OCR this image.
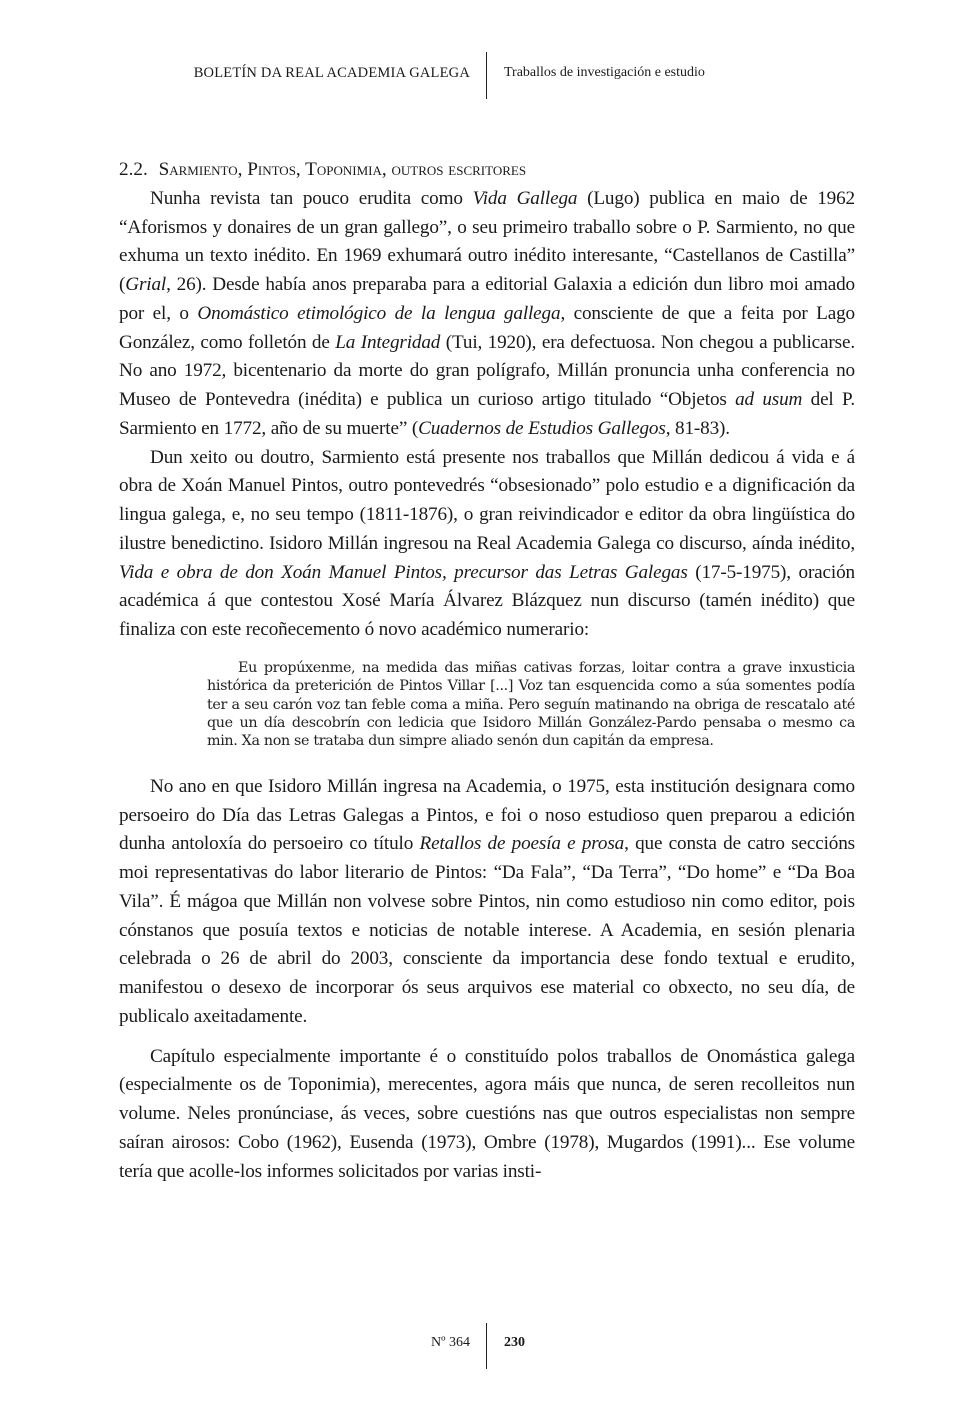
BOLETÍN DA REAL ACADEMIA GALEGA Traballos de investigación e estudio
2.2. Sarmiento, Pintos, Toponimia, outros escritores

Nunha revista tan pouco erudita como Vida Gallega (Lugo) publica en maio de 1962 “Aforismos y donaires de un gran gallego”, o seu primeiro traballo sobre o P. Sarmiento, no que exhuma un texto inédito. En 1969 exhumará outro inédito interesante, “Castellanos de Castilla” (Grial, 26). Desde había anos preparaba para a editorial Galaxia a edición dun libro moi amado por el, o Onomástico etimológico de la lengua gallega, consciente de que a feita por Lago González, como folletón de La Integridad (Tui, 1920), era defectuosa. Non chegou a publicarse. No ano 1972, bicentenario da morte do gran polígrafo, Millán pronuncia unha conferencia no Museo de Pontevedra (inédita) e publica un curioso artigo titulado “Objetos ad usum del P. Sarmiento en 1772, año de su muerte” (Cuadernos de Estudios Gallegos, 81-83).

Dun xeito ou doutro, Sarmiento está presente nos traballos que Millán dedicou á vida e á obra de Xoán Manuel Pintos, outro pontevedrés “obsesionado” polo estudio e a dignificación da lingua galega, e, no seu tempo (1811-1876), o gran reivindicador e editor da obra lingüística do ilustre benedictino. Isidoro Millán ingresou na Real Academia Galega co discurso, aínda inédito, Vida e obra de don Xoán Manuel Pintos, precursor das Letras Galegas (17-5-1975), oración académica á que contestou Xosé María Álvarez Blázquez nun discurso (tamén inédito) que finaliza con este recoñecemento ó novo académico numerario:

Eu propúxenme, na medida das miñas cativas forzas, loitar contra a grave inxusticia histórica da preterición de Pintos Villar [...] Voz tan esquencida como a súa somentes podía ter a seu carón voz tan feble coma a miña. Pero seguín matinando na obriga de rescatalo até que un día descobrín con ledicia que Isidoro Millán González-Pardo pensaba o mesmo ca min. Xa non se trataba dun simpre aliado senón dun capitán da empresa.

No ano en que Isidoro Millán ingresa na Academia, o 1975, esta institución designara como persoeiro do Día das Letras Galegas a Pintos, e foi o noso estudioso quen preparou a edición dunha antoloxía do persoeiro co título Retallos de poesía e prosa, que consta de catro seccións moi representativas do labor literario de Pintos: “Da Fala”, “Da Terra”, “Do home” e “Da Boa Vila”. É mágoa que Millán non volvese sobre Pintos, nin como estudioso nin como editor, pois cónstanos que posuía textos e noticias de notable interese. A Academia, en sesión plenaria celebrada o 26 de abril do 2003, consciente da importancia dese fondo textual e erudito, manifestou o desexo de incorporar ós seus arquivos ese material co obxecto, no seu día, de publicalo axeitadamente.

Capítulo especialmente importante é o constituído polos traballos de Onomástica galega (especialmente os de Toponimia), merecentes, agora máis que nunca, de seren recolleitos nun volume. Neles pronúnciase, ás veces, sobre cuestións nas que outros especialistas non sempre saíran airosos: Cobo (1962), Eusenda (1973), Ombre (1978), Mugardos (1991)... Ese volume tería que acolle-los informes solicitados por varias insti-

Nº 364 230
